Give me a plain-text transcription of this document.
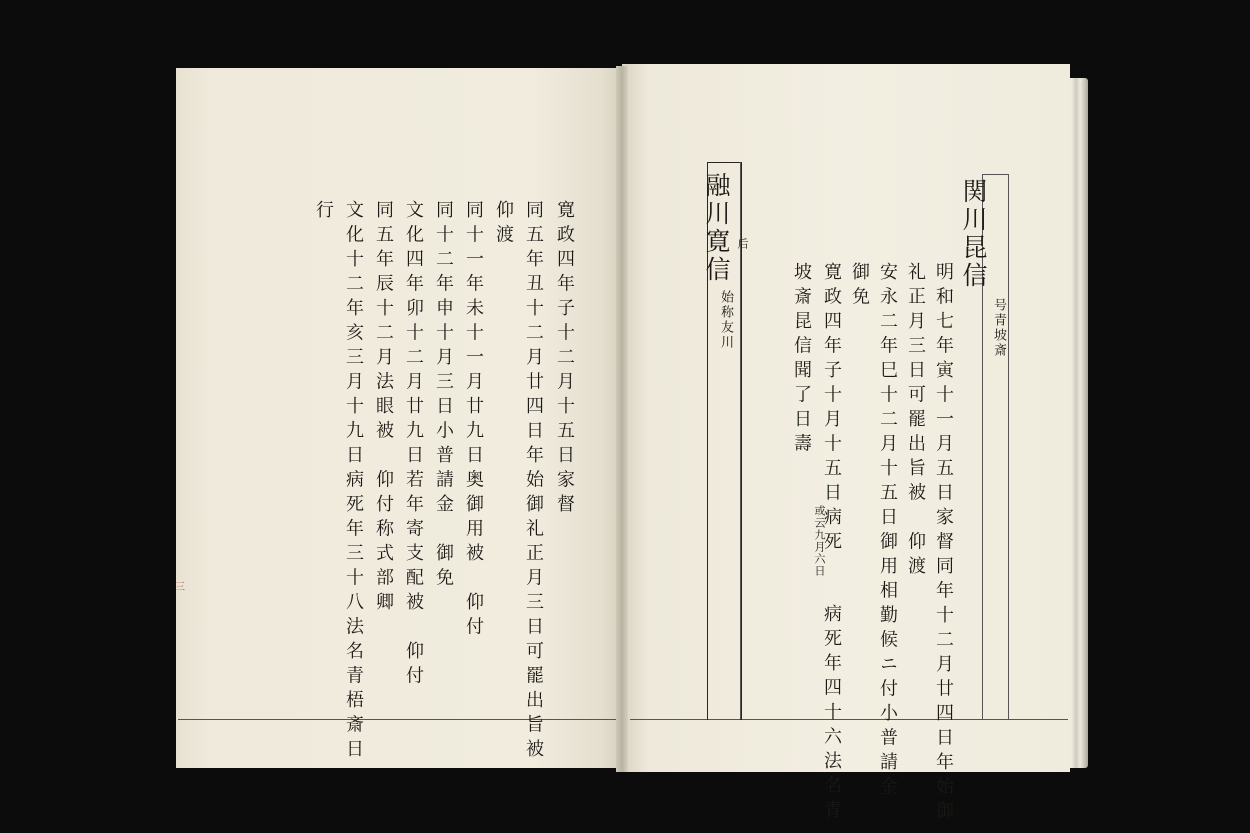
関川昆信
号青坡斎
明和七年寅十一月五日家督同年十二月廿四日年始御
礼正月三日可罷出旨被　仰渡
安永二年巳十二月十五日御用相勤候ニ付小普請金
御免
寛政四年子十月十五日病死
或云九月六日
病死年四十六法名青
坡斎昆信聞了日壽
融川寛信 后
始称友川
寛政四年子十二月十五日家督
同五年丑十二月廿四日年始御礼正月三日可罷出旨被
仰渡
同十一年未十一月廿九日奥御用被　仰付
同十二年申十月三日小普請金　御免
文化四年卯十二月廿九日若年寄支配被　仰付
同五年辰十二月法眼被　仰付称式部卿
文化十二年亥三月十九日病死年三十八法名青梧斎日
行
三
